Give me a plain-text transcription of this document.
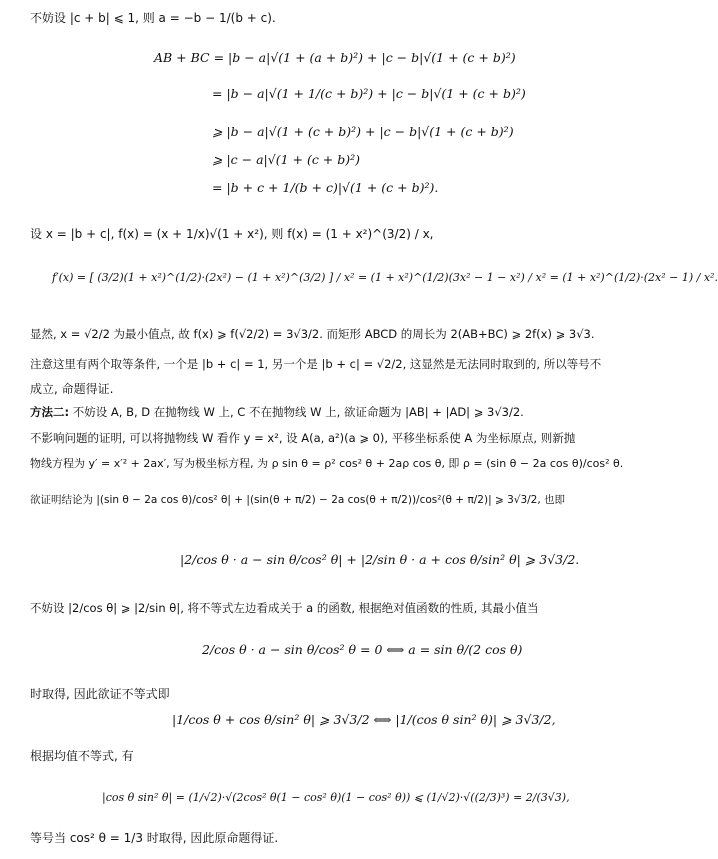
不妨设 |c + b| ⩽ 1, 则 a = −b − 1/(b + c).
AB + BC = |b − a|√(1 + (a + b)²) + |c − b|√(1 + (c + b)²)
= |b − a|√(1 + 1/(c + b)²) + |c − b|√(1 + (c + b)²)
⩾ |b − a|√(1 + (c + b)²) + |c − b|√(1 + (c + b)²)
⩾ |c − a|√(1 + (c + b)²)
= |b + c + 1/(b + c)|√(1 + (c + b)²).
设 x = |b + c|, f(x) = (x + 1/x)√(1 + x²), 则 f(x) = (1 + x²)^(3/2) / x,
f′(x) = [ (3/2)(1 + x²)^(1/2)·(2x²) − (1 + x²)^(3/2) ] / x² = (1 + x²)^(1/2)(3x² − 1 − x²) / x² = (1 + x²)^(1/2)·(2x² − 1) / x².
显然, x = √2/2 为最小值点, 故 f(x) ⩾ f(√2/2) = 3√3/2. 而矩形 ABCD 的周长为 2(AB+BC) ⩾ 2f(x) ⩾ 3√3.
注意这里有两个取等条件, 一个是 |b + c| = 1, 另一个是 |b + c| = √2/2, 这显然是无法同时取到的, 所以等号不
成立, 命题得证.
方法二: 不妨设 A, B, D 在抛物线 W 上, C 不在抛物线 W 上, 欲证命题为 |AB| + |AD| ⩾ 3√3/2.
不影响问题的证明, 可以将抛物线 W 看作 y = x², 设 A(a, a²)(a ⩾ 0), 平移坐标系使 A 为坐标原点, 则新抛
物线方程为 y′ = x′² + 2ax′, 写为极坐标方程, 为 ρ sin θ = ρ² cos² θ + 2aρ cos θ, 即 ρ = (sin θ − 2a cos θ)/cos² θ.
欲证明结论为 |(sin θ − 2a cos θ)/cos² θ| + |(sin(θ + π/2) − 2a cos(θ + π/2))/cos²(θ + π/2)| ⩾ 3√3/2, 也即
|2/cos θ · a − sin θ/cos² θ| + |2/sin θ · a + cos θ/sin² θ| ⩾ 3√3/2.
不妨设 |2/cos θ| ⩾ |2/sin θ|, 将不等式左边看成关于 a 的函数, 根据绝对值函数的性质, 其最小值当
2/cos θ · a − sin θ/cos² θ = 0 ⟺ a = sin θ/(2 cos θ)
时取得, 因此欲证不等式即
|1/cos θ + cos θ/sin² θ| ⩾ 3√3/2 ⟺ |1/(cos θ sin² θ)| ⩾ 3√3/2,
根据均值不等式, 有
|cos θ sin² θ| = (1/√2)·√(2cos² θ(1 − cos² θ)(1 − cos² θ)) ⩽ (1/√2)·√((2/3)³) = 2/(3√3),
等号当 cos² θ = 1/3 时取得, 因此原命题得证.
